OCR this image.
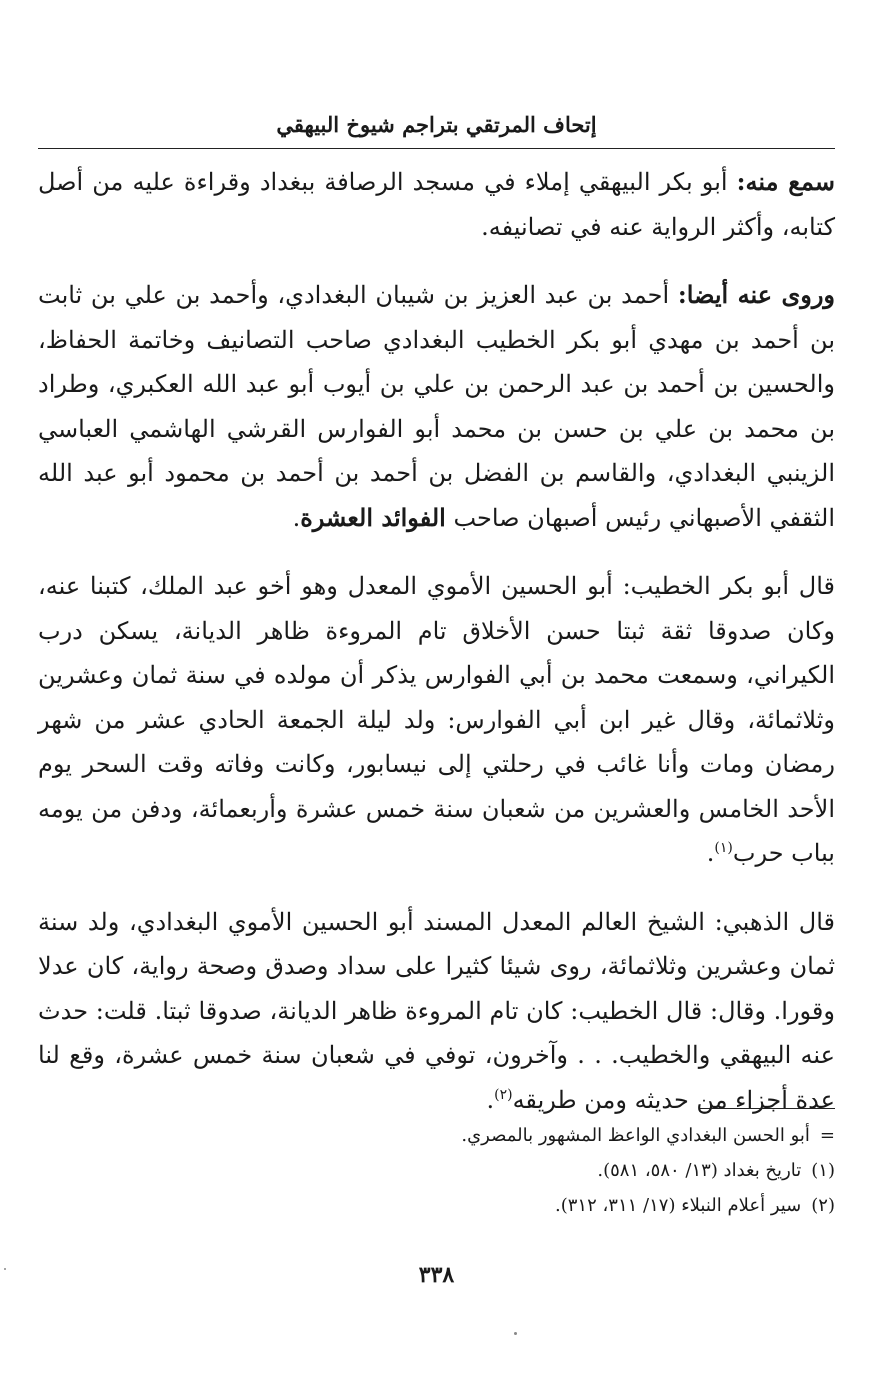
إتحاف المرتقي بتراجم شيوخ البيهقي

سمع منه: أبو بكر البيهقي إملاء في مسجد الرصافة ببغداد وقراءة عليه من أصل كتابه، وأكثر الرواية عنه في تصانيفه.

وروى عنه أيضا: أحمد بن عبد العزيز بن شيبان البغدادي، وأحمد بن علي بن ثابت بن أحمد بن مهدي أبو بكر الخطيب البغدادي صاحب التصانيف وخاتمة الحفاظ، والحسين بن أحمد بن عبد الرحمن بن علي بن أيوب أبو عبد الله العكبري، وطراد بن محمد بن علي بن حسن بن محمد أبو الفوارس القرشي الهاشمي العباسي الزينبي البغدادي، والقاسم بن الفضل بن أحمد بن أحمد بن محمود أبو عبد الله الثقفي الأصبهاني رئيس أصبهان صاحب الفوائد العشرة.

قال أبو بكر الخطيب: أبو الحسين الأموي المعدل وهو أخو عبد الملك، كتبنا عنه، وكان صدوقا ثقة ثبتا حسن الأخلاق تام المروءة ظاهر الديانة، يسكن درب الكيراني، وسمعت محمد بن أبي الفوارس يذكر أن مولده في سنة ثمان وعشرين وثلاثمائة، وقال غير ابن أبي الفوارس: ولد ليلة الجمعة الحادي عشر من شهر رمضان ومات وأنا غائب في رحلتي إلى نيسابور، وكانت وفاته وقت السحر يوم الأحد الخامس والعشرين من شعبان سنة خمس عشرة وأربعمائة، ودفن من يومه بباب حرب$^{(١)}$.

قال الذهبي: الشيخ العالم المعدل المسند أبو الحسين الأموي البغدادي، ولد سنة ثمان وعشرين وثلاثمائة، روى شيئا كثيرا على سداد وصدق وصحة رواية، كان عدلا وقورا. وقال: قال الخطيب: كان تام المروءة ظاهر الديانة، صدوقا ثبتا. قلت: حدث عنه البيهقي والخطيب. . . وآخرون، توفي في شعبان سنة خمس عشرة، وقع لنا عدة أجزاء من حديثه ومن طريقه$^{(٢)}$.

=أبو الحسن البغدادي الواعظ المشهور بالمصري.

(١)تاريخ بغداد (١٣/ ٥٨٠، ٥٨١).

(٢)سير أعلام النبلاء (١٧/ ٣١١، ٣١٢).

٣٣٨
